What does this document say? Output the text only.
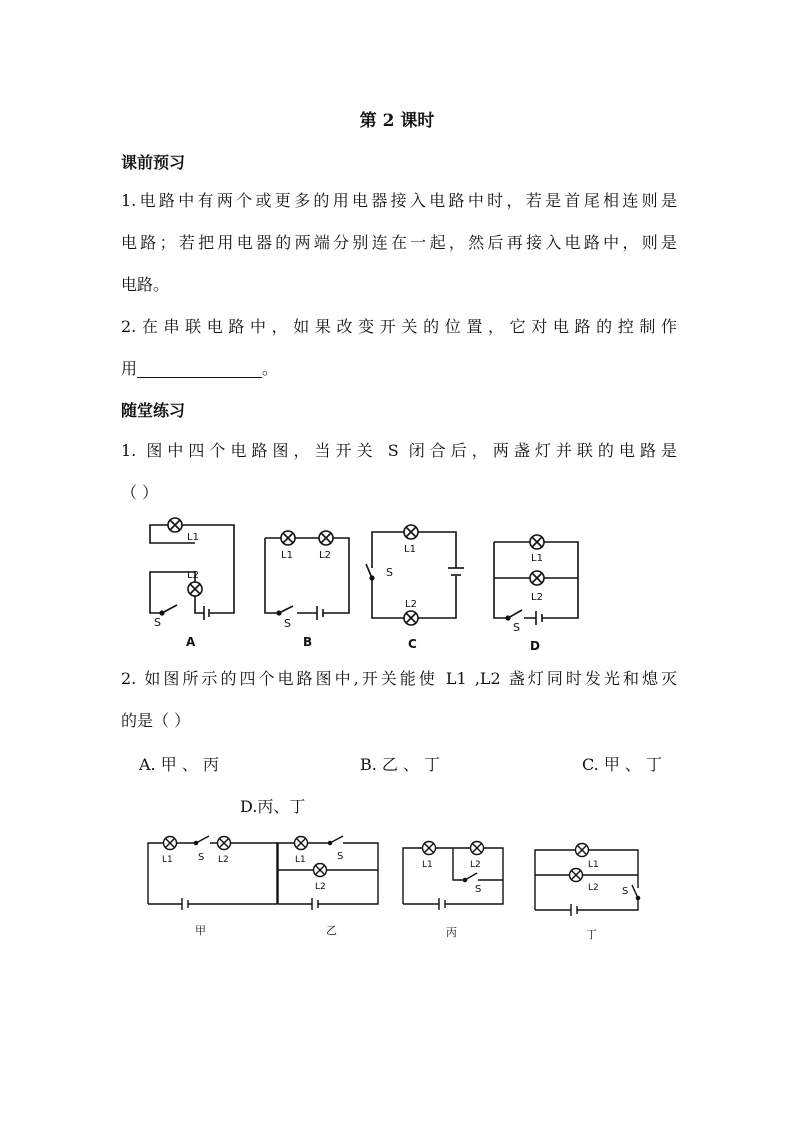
第 2 课时
课前预习
1.电路中有两个或更多的用电器接入电路中时，若是首尾相连则是
电路；若把用电器的两端分别连在一起，然后再接入电路中，则是
电路。
2.在串联电路中，如果改变开关的位置，它对电路的控制作
用	。
随堂练习
1. 图中四个电路图，当开关 S 闭合后，两盏灯并联的电路是
（ ）
L1
L2
S
A
L1	L2
S
B
L1
L2
S
C
L1
L2
S
D
2. 如图所示的四个电路图中,开关能使 L1 ,L2 盏灯同时发光和熄灭
的是（ ）
A. 甲 、 丙	B. 乙 、 丁	C. 甲 、 丁
D.丙、丁
L1	S L2
甲
L1	S
L2
乙
L1	L2
S
丙
L1
L2 S
丁
